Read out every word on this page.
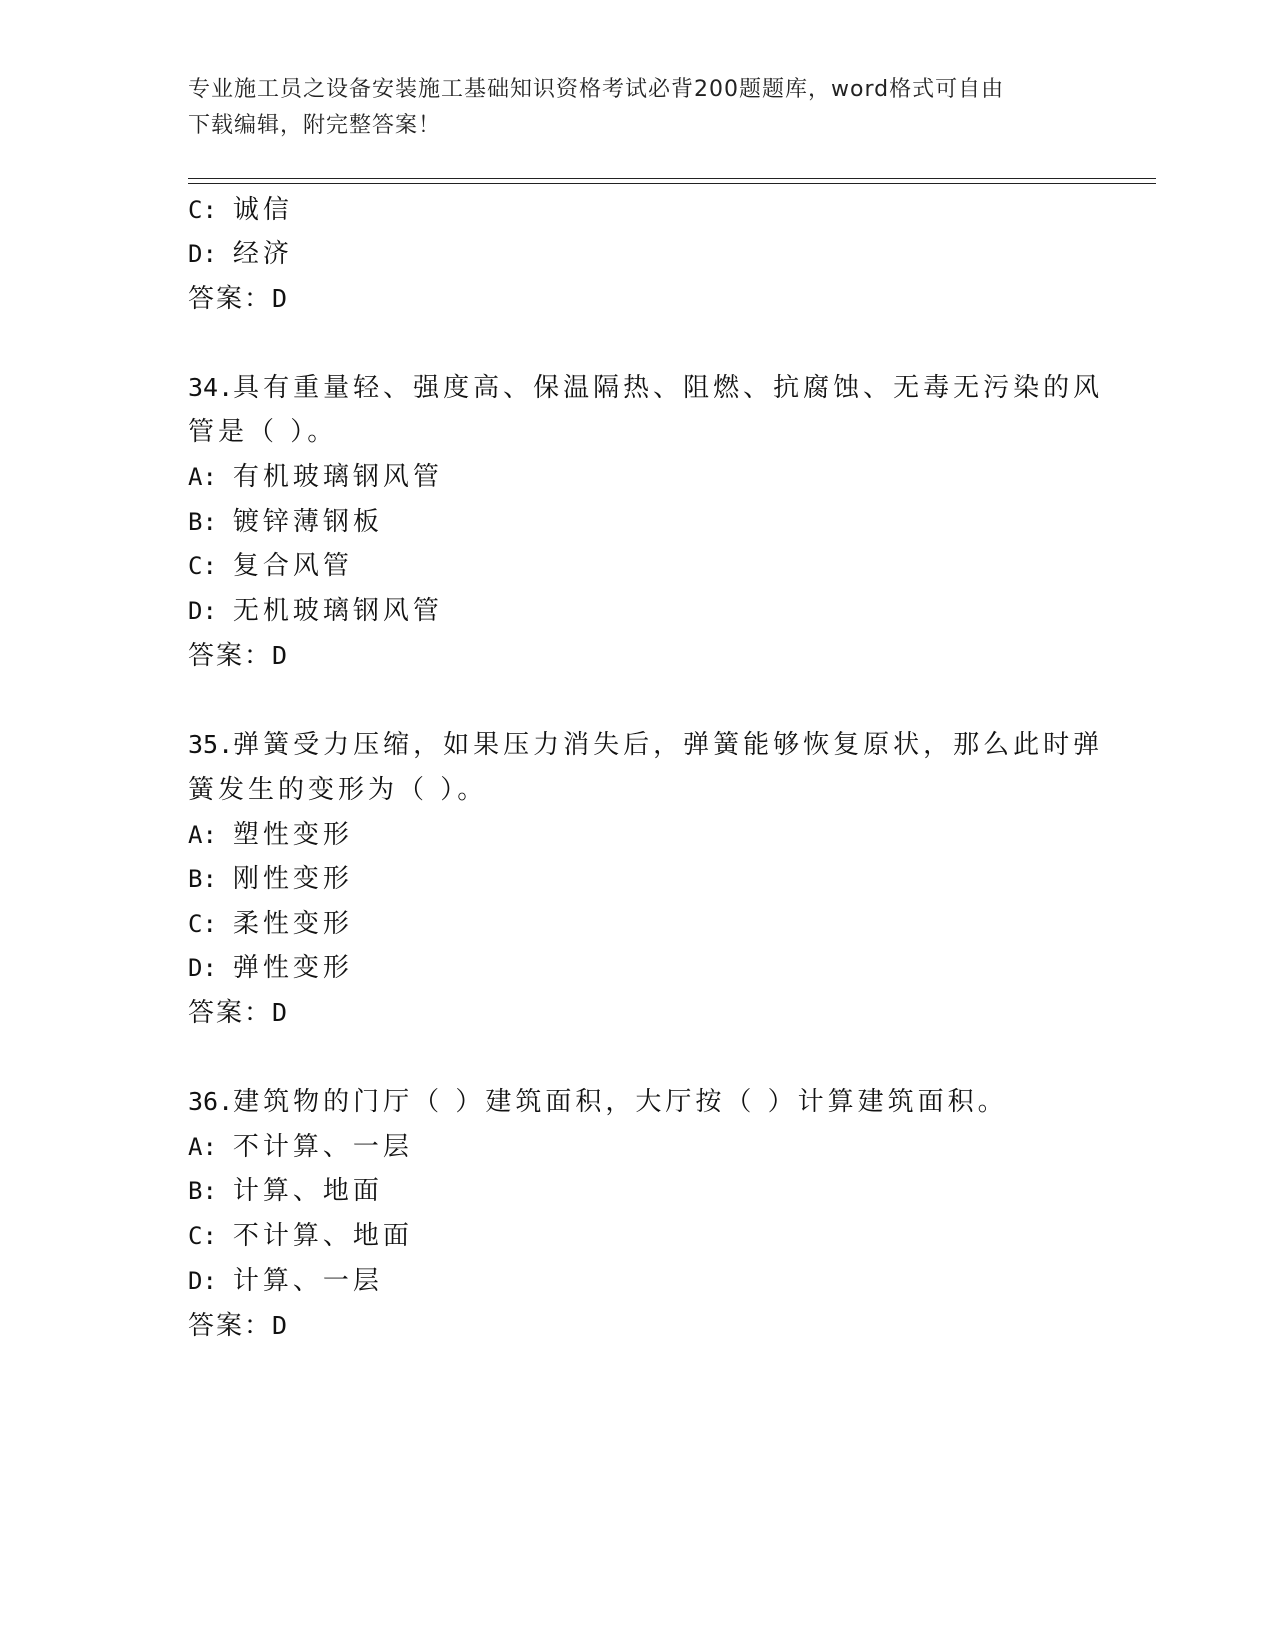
专业施工员之设备安装施工基础知识资格考试必背200题题库，word格式可自由
下载编辑，附完整答案！
C: 诚信
D: 经济
答案：D
34.具有重量轻、强度高、保温隔热、阻燃、抗腐蚀、无毒无污染的风
管是（ ）。
A: 有机玻璃钢风管
B: 镀锌薄钢板
C: 复合风管
D: 无机玻璃钢风管
答案：D
35.弹簧受力压缩，如果压力消失后，弹簧能够恢复原状，那么此时弹
簧发生的变形为（ ）。
A: 塑性变形
B: 刚性变形
C: 柔性变形
D: 弹性变形
答案：D
36.建筑物的门厅（ ）建筑面积，大厅按（ ）计算建筑面积。
A: 不计算、一层
B: 计算、地面
C: 不计算、地面
D: 计算、一层
答案：D
